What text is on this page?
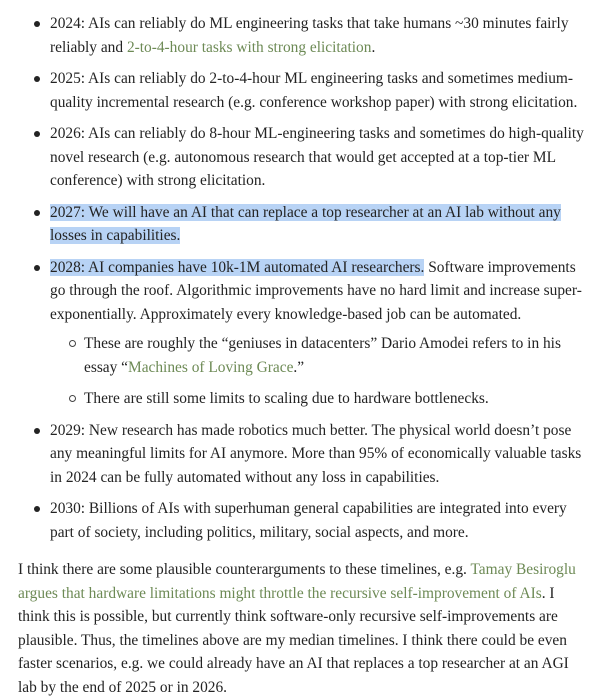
2024: AIs can reliably do ML engineering tasks that take humans ~30 minutes fairly reliably and 2-to-4-hour tasks with strong elicitation.
2025: AIs can reliably do 2-to-4-hour ML engineering tasks and sometimes medium-quality incremental research (e.g. conference workshop paper) with strong elicitation.
2026: AIs can reliably do 8-hour ML-engineering tasks and sometimes do high-quality novel research (e.g. autonomous research that would get accepted at a top-tier ML conference) with strong elicitation.
2027: We will have an AI that can replace a top researcher at an AI lab without any losses in capabilities.
2028: AI companies have 10k-1M automated AI researchers. Software improvements go through the roof. Algorithmic improvements have no hard limit and increase super-exponentially. Approximately every knowledge-based job can be automated.
These are roughly the “geniuses in datacenters” Dario Amodei refers to in his essay “Machines of Loving Grace.”
There are still some limits to scaling due to hardware bottlenecks.
2029: New research has made robotics much better. The physical world doesn’t pose any meaningful limits for AI anymore. More than 95% of economically valuable tasks in 2024 can be fully automated without any loss in capabilities.
2030: Billions of AIs with superhuman general capabilities are integrated into every part of society, including politics, military, social aspects, and more.

I think there are some plausible counterarguments to these timelines, e.g. Tamay Besiroglu argues that hardware limitations might throttle the recursive self-improvement of AIs. I think this is possible, but currently think software-only recursive self-improvements are plausible. Thus, the timelines above are my median timelines. I think there could be even faster scenarios, e.g. we could already have an AI that replaces a top researcher at an AGI lab by the end of 2025 or in 2026.
